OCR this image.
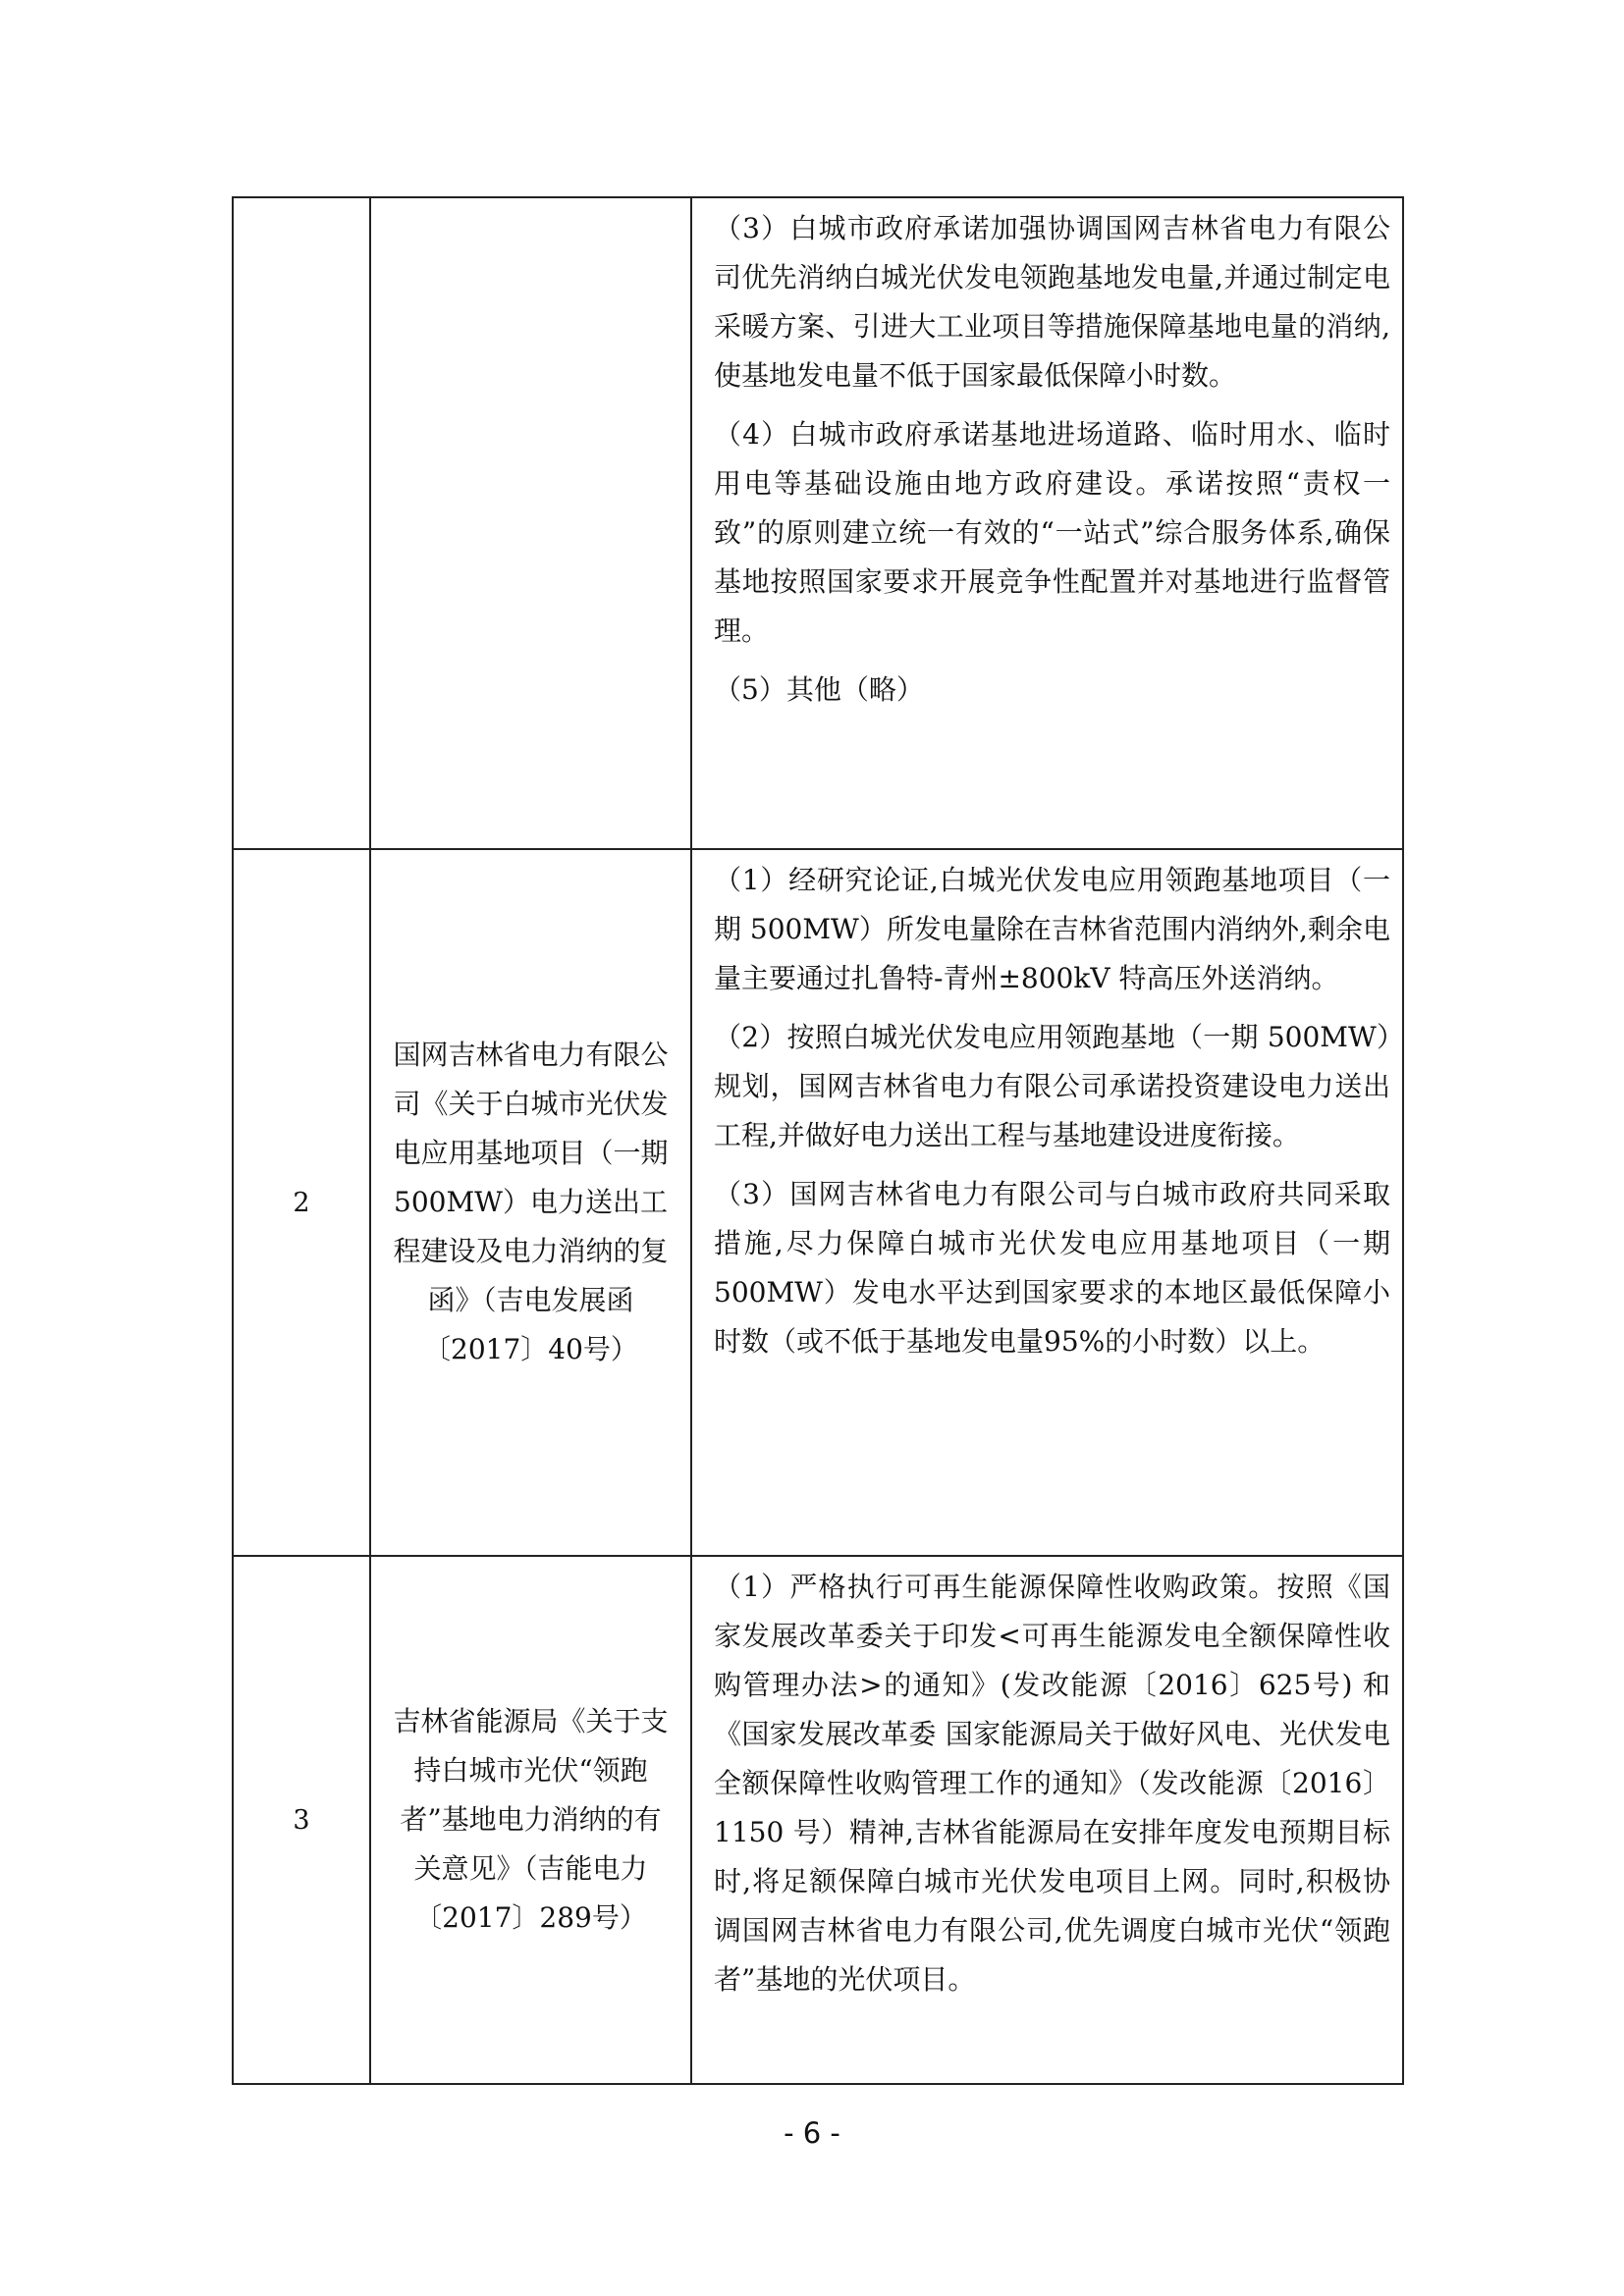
		（3）白城市政府承诺加强协调国网吉林省电力有限公司优先消纳白城光伏发电领跑基地发电量,并通过制定电采暖方案、引进大工业项目等措施保障基地电量的消纳,使基地发电量不低于国家最低保障小时数。

（4）白城市政府承诺基地进场道路、临时用水、临时用电等基础设施由地方政府建设。承诺按照“责权一致”的原则建立统一有效的“一站式”综合服务体系,确保基地按照国家要求开展竞争性配置并对基地进行监督管理。

（5）其他（略）

2	国网吉林省电力有限公司《关于白城市光伏发电应用基地项目（一期500MW）电力送出工程建设及电力消纳的复函》（吉电发展函〔2017〕40号）	（1）经研究论证,白城光伏发电应用领跑基地项目（一期 500MW）所发电量除在吉林省范围内消纳外,剩余电量主要通过扎鲁特-青州±800kV 特高压外送消纳。

（2）按照白城光伏发电应用领跑基地（一期 500MW）规划，国网吉林省电力有限公司承诺投资建设电力送出工程,并做好电力送出工程与基地建设进度衔接。

（3）国网吉林省电力有限公司与白城市政府共同采取措施,尽力保障白城市光伏发电应用基地项目（一期500MW）发电水平达到国家要求的本地区最低保障小时数（或不低于基地发电量95%的小时数）以上。

3	吉林省能源局《关于支持白城市光伏“领跑者”基地电力消纳的有关意见》（吉能电力〔2017〕289号）	（1）严格执行可再生能源保障性收购政策。按照《国家发展改革委关于印发<可再生能源发电全额保障性收购管理办法>的通知》(发改能源〔2016〕625号) 和《国家发展改革委 国家能源局关于做好风电、光伏发电全额保障性收购管理工作的通知》（发改能源〔2016〕1150 号）精神,吉林省能源局在安排年度发电预期目标时,将足额保障白城市光伏发电项目上网。同时,积极协调国网吉林省电力有限公司,优先调度白城市光伏“领跑者”基地的光伏项目。

- 6 -
